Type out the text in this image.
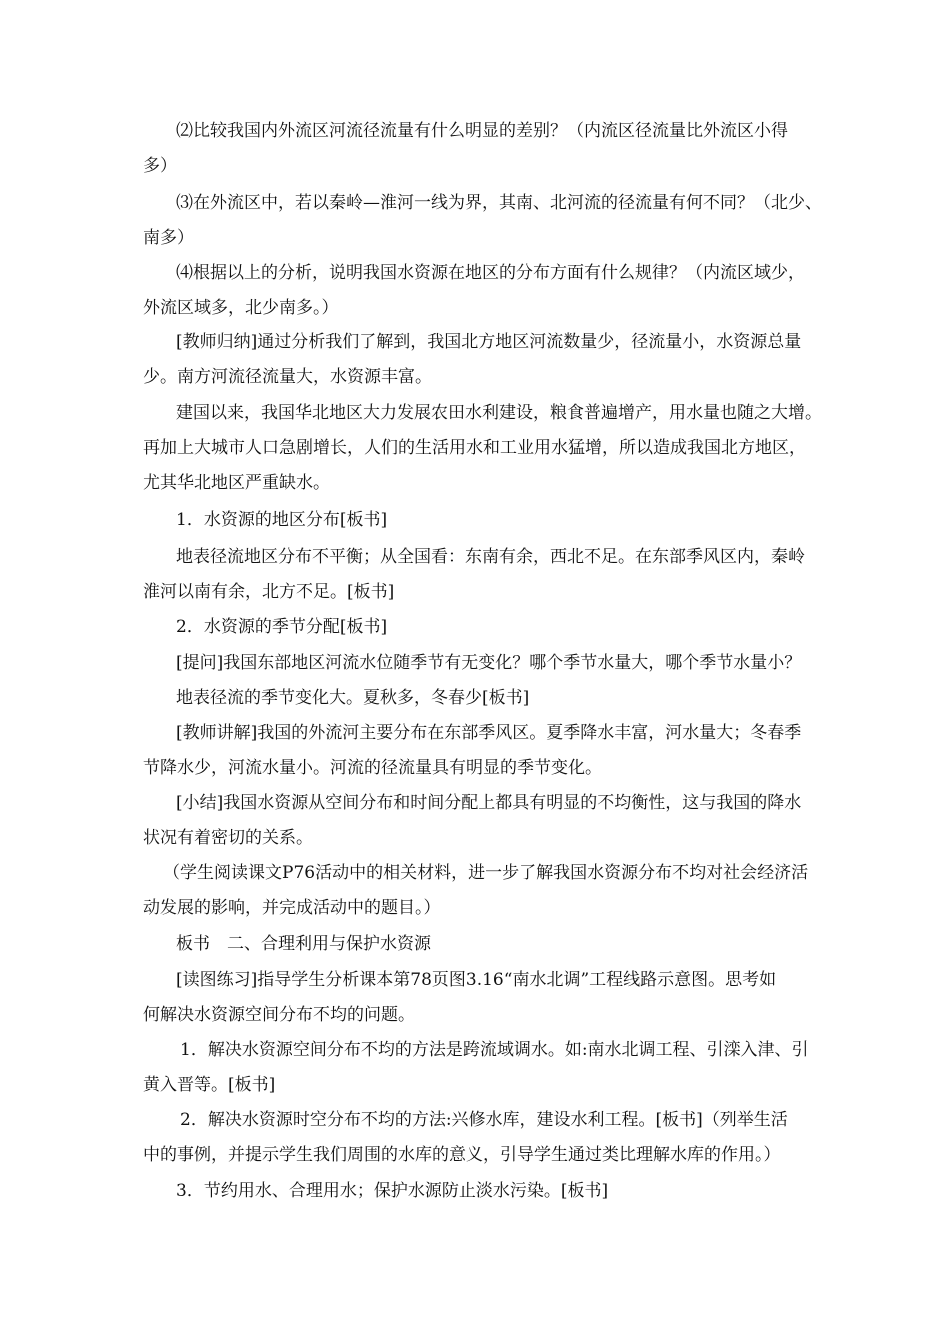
⑵比较我国内外流区河流径流量有什么明显的差别？（内流区径流量比外流区小得
多）
⑶在外流区中，若以秦岭—淮河一线为界，其南、北河流的径流量有何不同？（北少、
南多）
⑷根据以上的分析，说明我国水资源在地区的分布方面有什么规律？（内流区域少，
外流区域多，北少南多。）
[教师归纳]通过分析我们了解到，我国北方地区河流数量少，径流量小，水资源总量
少。南方河流径流量大，水资源丰富。
建国以来，我国华北地区大力发展农田水利建设，粮食普遍增产，用水量也随之大增。
再加上大城市人口急剧增长，人们的生活用水和工业用水猛增，所以造成我国北方地区，
尤其华北地区严重缺水。
1．水资源的地区分布[板书]
地表径流地区分布不平衡；从全国看：东南有余，西北不足。在东部季风区内，秦岭
淮河以南有余，北方不足。[板书]
2．水资源的季节分配[板书]
[提问]我国东部地区河流水位随季节有无变化？哪个季节水量大，哪个季节水量小？
地表径流的季节变化大。夏秋多，冬春少[板书]
[教师讲解]我国的外流河主要分布在东部季风区。夏季降水丰富，河水量大；冬春季
节降水少，河流水量小。河流的径流量具有明显的季节变化。
[小结]我国水资源从空间分布和时间分配上都具有明显的不均衡性，这与我国的降水
状况有着密切的关系。
（学生阅读课文P76活动中的相关材料，进一步了解我国水资源分布不均对社会经济活
动发展的影响，并完成活动中的题目。）
板书　二、合理利用与保护水资源
[读图练习]指导学生分析课本第78页图3.16“南水北调”工程线路示意图。思考如
何解决水资源空间分布不均的问题。
1．解决水资源空间分布不均的方法是跨流域调水。如:南水北调工程、引滦入津、引
黄入晋等。[板书]
2．解决水资源时空分布不均的方法:兴修水库，建设水利工程。[板书]（列举生活
中的事例，并提示学生我们周围的水库的意义，引导学生通过类比理解水库的作用。）
3．节约用水、合理用水；保护水源防止淡水污染。[板书]
